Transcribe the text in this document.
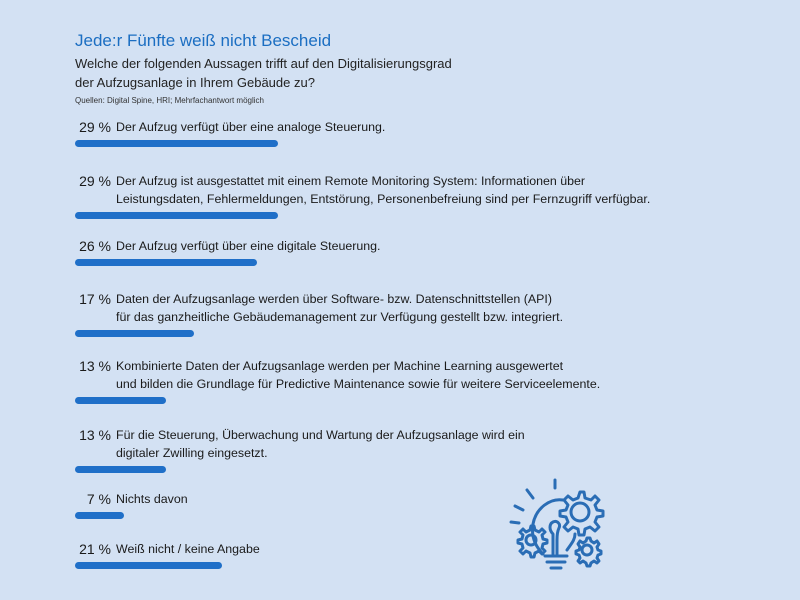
Jede:r Fünfte weiß nicht Bescheid
Welche der folgenden Aussagen trifft auf den Digitalisierungsgrad
der Aufzugsanlage in Ihrem Gebäude zu?
Quellen: Digital Spine, HRI; Mehrfachantwort möglich
29 % Der Aufzug verfügt über eine analoge Steuerung.
29 % Der Aufzug ist ausgestattet mit einem Remote Monitoring System: Informationen über
Leistungsdaten, Fehlermeldungen, Entstörung, Personenbefreiung sind per Fernzugriff verfügbar.
26 % Der Aufzug verfügt über eine digitale Steuerung.
17 % Daten der Aufzugsanlage werden über Software- bzw. Datenschnittstellen (API)
für das ganzheitliche Gebäudemanagement zur Verfügung gestellt bzw. integriert.
13 % Kombinierte Daten der Aufzugsanlage werden per Machine Learning ausgewertet
und bilden die Grundlage für Predictive Maintenance sowie für weitere Serviceelemente.
13 % Für die Steuerung, Überwachung und Wartung der Aufzugsanlage wird ein
digitaler Zwilling eingesetzt.
7 % Nichts davon
21 % Weiß nicht / keine Angabe
